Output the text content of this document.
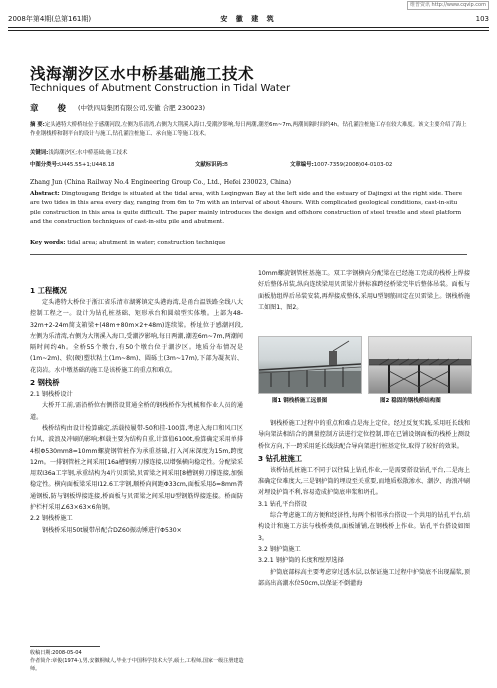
维普资讯 http://www.cqvip.com
2008年第4期(总第161期)	安 徽 建 筑	103
浅海潮汐区水中桥基础施工技术
Techniques of Abutment Construction in Tidal Water
章 俊 (中铁四局集团有限公司,安徽 合肥 230023)
摘 要:定头港特大桥桥址位于感潮河段,左侧为乐清湾,右侧为大荆溪入海口,受潮汐影响,每日两潮,潮差6m~7m,两潮间隔时间约4h。钻孔灌注桩施工存在较大难度。该文主要介绍了海上作业钢栈桥和钢平台的设计与施工,钻孔灌注桩施工、承台施工等施工技术。
关键词:浅海潮汐区;水中桥基础;施工技术
中图分类号:U445.55+1;U448.18	文献标识码:B	文章编号:1007-7359(2008)04-0103-02
Zhang Jun (China Railway No.4 Engineering Group Co., Ltd., Hefei 230023, China)
Abstract: Dingtougang Bridge is situated at the tidal area, with Leqingwan Bay at the left side and the estuary of Dajingxi at the right side. There are two tides in this area every day, ranging from 6m to 7m with an interval of about 4hours. With complicated geological conditions, cast-in-situ pile construction in this area is quite difficult. The paper mainly introduces the design and offshore construction of steel trestle and steel platform and the construction techniques of cast-in-situ pile and abutment.
Key words: tidal area; abutment in water; construction technique
1 工程概况

定头港特大桥位于浙江省乐清市湖雾镇定头港海湾,是甬台温铁路全线八大控制工程之一。设计为钻孔桩基础、矩形承台和圆端型实体墩。上部为48-32m+2-24m简支箱梁+(48m+80m×2+48m)连续梁。桥址位于感潮河段,左侧为乐清湾,右侧为大荆溪入海口,受潮汐影响,每日两潮,潮差6m~7m,两潮间隔时间约4h。全桥55个墩台,有50个墩台位于潮汐区。地质分布情况是(1m~2m)、软(硬)塑状粘土(1m~8m)、圆砾土(3m~17m),下部为凝灰岩、花岗岩。水中墩基础的施工是该桥施工的重点和难点。

2 钢栈桥
2.1 钢栈桥设计

大桥开工前,需沿桥位右侧搭设贯通全桥的钢栈桥作为机械和作业人员的通道。

栈桥结构由设计检算确定,活载按履带-50和挂-100算,考虑入海口和风口区台风、波浪及冲刷的影响;框载主要为结构自重,计算值6100t,验算确定采用单排4根Φ530mm8=10mm螺旋钢管桩作为承重基础,打入河床深度为15m,跨度12m。一排钢管桩之间采用[16a槽钢剪刀撑连接,以增强横向稳定性。分配梁采用双I36a工字钢,承重结构为4片贝雷梁,贝雷梁之间采用[8槽钢剪刀撑连接,加强稳定性。横向面板梁采用I12.6工字钢,顺桥向间距Φ33cm,面板采用δ=8mm普通钢板,防与钢板焊接连接,桥面板与贝雷梁之间采用U型钢筋焊接连接。桥面防护栏杆采用∠63×63×6角钢。

2.2 钢栈桥施工

钢栈桥采用50t履带吊配合DZ60振动锤进行Φ530×

10mm螺旋钢管桩基施工。双工字钢横向分配梁在已经施工完成的栈桥上焊接好后整体吊装,纵向连续梁用贝雷梁片拼标准跨径桥梁完毕后整体吊装。面板与面板肋组焊后吊装安装,再焊接成整体,采用U型钢筋固定在贝雷梁上。钢栈桥施工如图1、图2。

图1 钢栈桥施工远景图	图2 稳固的钢栈桥结构图

钢栈桥施工过程中的重点和难点是海上定位。经过反复实践,采用旺长线和导向架法相结合的测量控制方法进行定位控制,即在已铺设钢面板的栈桥上测设桥位方向,下一跨采用延长线法配合导向架进行桩基定位,取得了较好的效果。

3 钻孔桩施工

该桥钻孔桩施工不同于以往陆上钻孔作业,一是需要搭设钻孔平台,二是海上准确定位难度大,三是钢护筒的埋设至关重要,而地质松散渗水、潮汐、海浪冲刷对埋设护筒不利,容易造成护筒底串浆和坍孔。

3.1 钻孔平台搭设

综合考虑施工的方便和经济性,每两个相邻承台搭设一个共用的钻孔平台,结构设计和施工方法与栈桥类似,面板铺铺,在钢栈桥上作业。钻孔平台搭设如图3。

3.2 钢护筒施工
3.2.1 钢护筒的长度和壁厚选择

护筒底部标高主要考虑穿过透水层,以保证施工过程中护筒底不出现漏浆,顶部高出高潮水位50cm,以保证不倒灌海

收稿日期:2008-05-04
作者简介:章俊(1974-),男,安徽桐城人,毕业于中国科学技术大学,硕士,工程师,国家一级注册建造师。
